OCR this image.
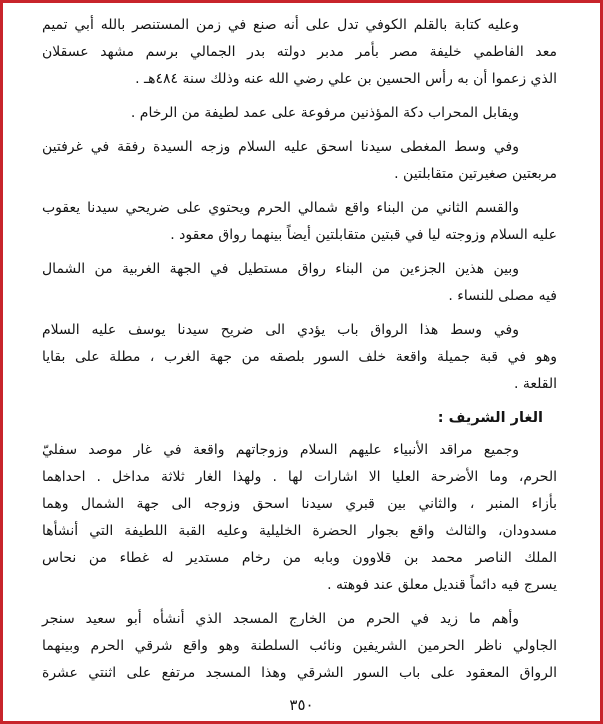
وعليه كتابة بالقلم الكوفي تدل على أنه صنع في زمن المستنصر بالله أبي تميم
معد الفاطمي خليفة مصر بأمر مدبر دولته بدر الجمالي برسم مشهد عسقلان
الذي زعموا أن به رأس الحسين بن علي رضي الله عنه وذلك سنة ٤٨٤هـ .
ويقابل المحراب دكة المؤذنين مرفوعة على عمد لطيفة من الرخام .
وفي وسط المغطى سيدنا اسحق عليه السلام وزجه السيدة رفقة في غرفتين
مربعتين صغيرتين متقابلتين .
والقسم الثاني من البناء واقع شمالي الحرم ويحتوي على ضريحي سيدنا يعقوب
عليه السلام وزوجته ليا في قبتين متقابلتين أيضاً بينهما رواق معقود .
وبين هذين الجزءين من البناء رواق مستطيل في الجهة الغربية من الشمال
فيه مصلى للنساء .
وفي وسط هذا الرواق باب يؤدي الى ضريح سيدنا يوسف عليه السلام
وهو في قبة جميلة واقعة خلف السور بلصقه من جهة الغرب ، مطلة على بقايا
القلعة .
الغار الشريف :
وجميع مراقد الأنبياء عليهم السلام وزوجاتهم واقعة في غار موصد سفليّ
الحرم، وما الأضرحة العليا الا اشارات لها . ولهذا الغار ثلاثة مداخل . احداهما
بأزاء المنبر ، والثاني بين قبري سيدنا اسحق وزوجه الى جهة الشمال وهما
مسدودان، والثالث واقع بجوار الحضرة الخليلية وعليه القبة اللطيفة التي أنشأها
الملك الناصر محمد بن قلاوون وبابه من رخام مستدير له غطاء من نحاس
يسرج فيه دائماً قنديل معلق عند فوهته .
وأهم ما زيد في الحرم من الخارج المسجد الذي أنشأه أبو سعيد سنجر
الجاولي ناظر الحرمين الشريفين ونائب السلطنة وهو واقع شرقي الحرم وبينهما
الرواق المعقود على باب السور الشرقي وهذا المسجد مرتفع على اثنتي عشرة
٣٥٠
